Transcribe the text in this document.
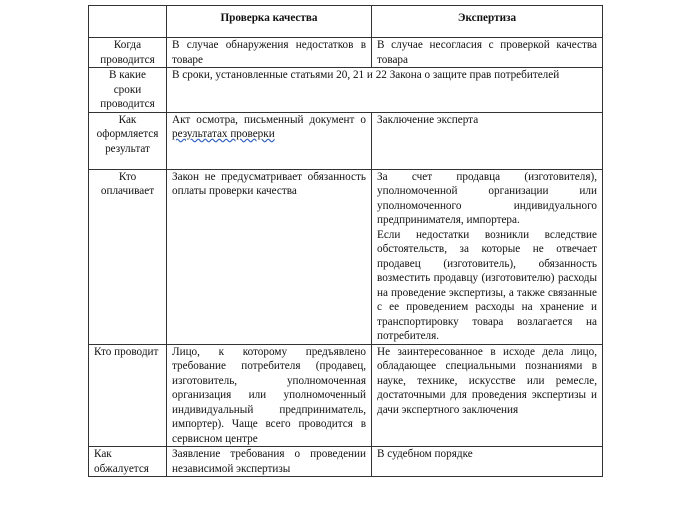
	Проверка качества	Экспертиза
Когда проводится	В случае обнаружения недостатков в товаре	В случае несогласия с проверкой качества товара
В какие сроки проводится	В сроки, установленные статьями 20, 21 и 22 Закона о защите прав потребителей	
Как оформляется результат	Акт осмотра, письменный документ о результатах проверки	Заключение эксперта
Кто оплачивает	Закон не предусматривает обязанность оплаты проверки качества	За счет продавца (изготовителя), уполномоченной организации или уполномоченного индивидуального предпринимателя, импортера.
Если недостатки возникли вследствие обстоятельств, за которые не отвечает продавец (изготовитель), обязанность возместить продавцу (изготовителю) расходы на проведение экспертизы, а также связанные с ее проведением расходы на хранение и транспортировку товара возлагается на потребителя.

Кто проводит	Лицо, к которому предъявлено требование потребителя (продавец, изготовитель, уполномоченная организация или уполномоченный индивидуальный предприниматель, импортер). Чаще всего проводится в сервисном центре	Не заинтересованное в исходе дела лицо, обладающее специальными познаниями в науке, технике, искусстве или ремесле, достаточными для проведения экспертизы и дачи экспертного заключения
Как обжалуется	Заявление требования о проведении независимой экспертизы	В судебном порядке
